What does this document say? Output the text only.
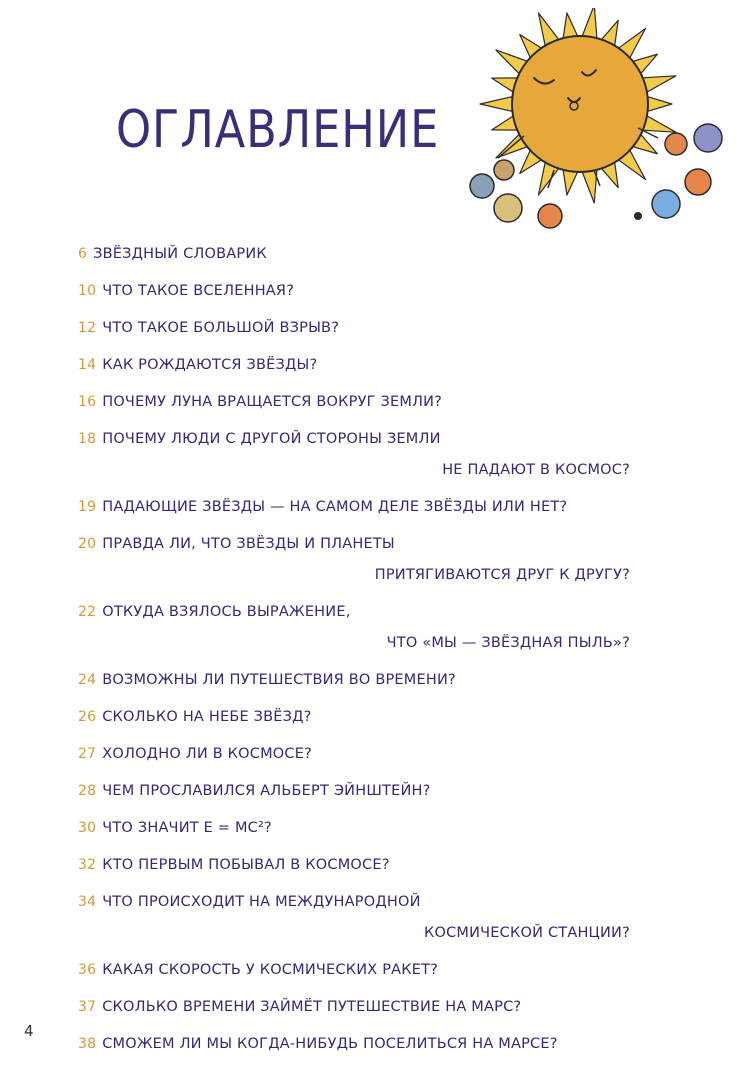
ОГЛАВЛЕНИЕ
6 ЗВЁЗДНЫЙ СЛОВАРИК
10 ЧТО ТАКОЕ ВСЕЛЕННАЯ?
12 ЧТО ТАКОЕ БОЛЬШОЙ ВЗРЫВ?
14 КАК РОЖДАЮТСЯ ЗВЁЗДЫ?
16 ПОЧЕМУ ЛУНА ВРАЩАЕТСЯ ВОКРУГ ЗЕМЛИ?
18 ПОЧЕМУ ЛЮДИ С ДРУГОЙ СТОРОНЫ ЗЕМЛИ
НЕ ПАДАЮТ В КОСМОС?
19 ПАДАЮЩИЕ ЗВЁЗДЫ — НА САМОМ ДЕЛЕ ЗВЁЗДЫ ИЛИ НЕТ?
20 ПРАВДА ЛИ, ЧТО ЗВЁЗДЫ И ПЛАНЕТЫ
ПРИТЯГИВАЮТСЯ ДРУГ К ДРУГУ?
22 ОТКУДА ВЗЯЛОСЬ ВЫРАЖЕНИЕ,
ЧТО «МЫ — ЗВЁЗДНАЯ ПЫЛЬ»?
24 ВОЗМОЖНЫ ЛИ ПУТЕШЕСТВИЯ ВО ВРЕМЕНИ?
26 СКОЛЬКО НА НЕБЕ ЗВЁЗД?
27 ХОЛОДНО ЛИ В КОСМОСЕ?
28 ЧЕМ ПРОСЛАВИЛСЯ АЛЬБЕРТ ЭЙНШТЕЙН?
30 ЧТО ЗНАЧИТ E = MC²?
32 КТО ПЕРВЫМ ПОБЫВАЛ В КОСМОСЕ?
34 ЧТО ПРОИСХОДИТ НА МЕЖДУНАРОДНОЙ
КОСМИЧЕСКОЙ СТАНЦИИ?
36 КАКАЯ СКОРОСТЬ У КОСМИЧЕСКИХ РАКЕТ?
37 СКОЛЬКО ВРЕМЕНИ ЗАЙМЁТ ПУТЕШЕСТВИЕ НА МАРС?
38 СМОЖЕМ ЛИ МЫ КОГДА-НИБУДЬ ПОСЕЛИТЬСЯ НА МАРСЕ?
4
